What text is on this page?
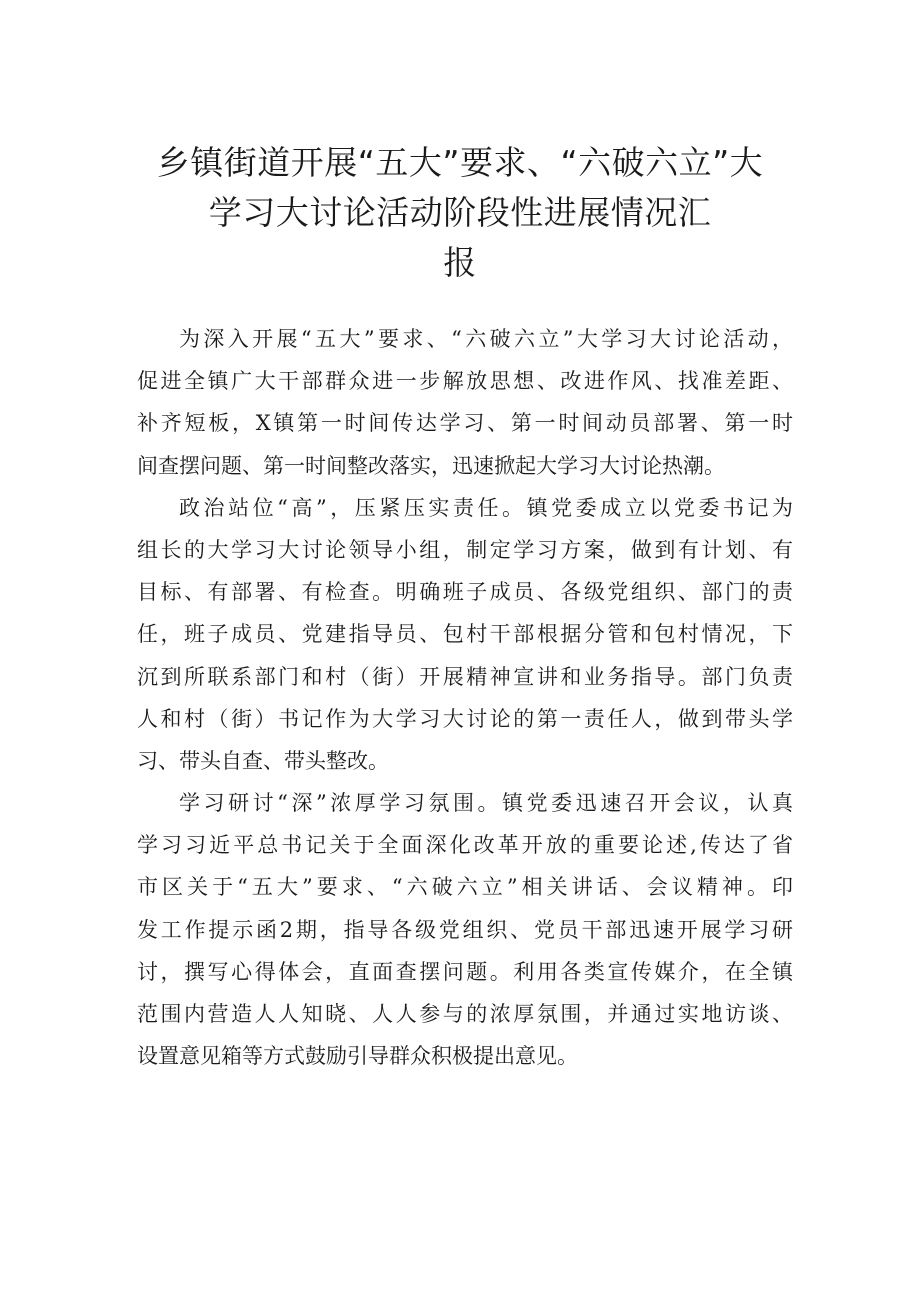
乡镇街道开展“五大”要求、“六破六立”大
学习大讨论活动阶段性进展情况汇
报
为深入开展“五大”要求、“六破六立”大学习大讨论活动，
促进全镇广大干部群众进一步解放思想、改进作风、找准差距、
补齐短板，X镇第一时间传达学习、第一时间动员部署、第一时
间查摆问题、第一时间整改落实，迅速掀起大学习大讨论热潮。
政治站位“高”，压紧压实责任。镇党委成立以党委书记为
组长的大学习大讨论领导小组，制定学习方案，做到有计划、有
目标、有部署、有检查。明确班子成员、各级党组织、部门的责
任，班子成员、党建指导员、包村干部根据分管和包村情况，下
沉到所联系部门和村（街）开展精神宣讲和业务指导。部门负责
人和村（街）书记作为大学习大讨论的第一责任人，做到带头学
习、带头自查、带头整改。
学习研讨“深”浓厚学习氛围。镇党委迅速召开会议，认真
学习习近平总书记关于全面深化改革开放的重要论述,传达了省
市区关于“五大”要求、“六破六立”相关讲话、会议精神。印
发工作提示函2期，指导各级党组织、党员干部迅速开展学习研
讨，撰写心得体会，直面查摆问题。利用各类宣传媒介，在全镇
范围内营造人人知晓、人人参与的浓厚氛围，并通过实地访谈、
设置意见箱等方式鼓励引导群众积极提出意见。
